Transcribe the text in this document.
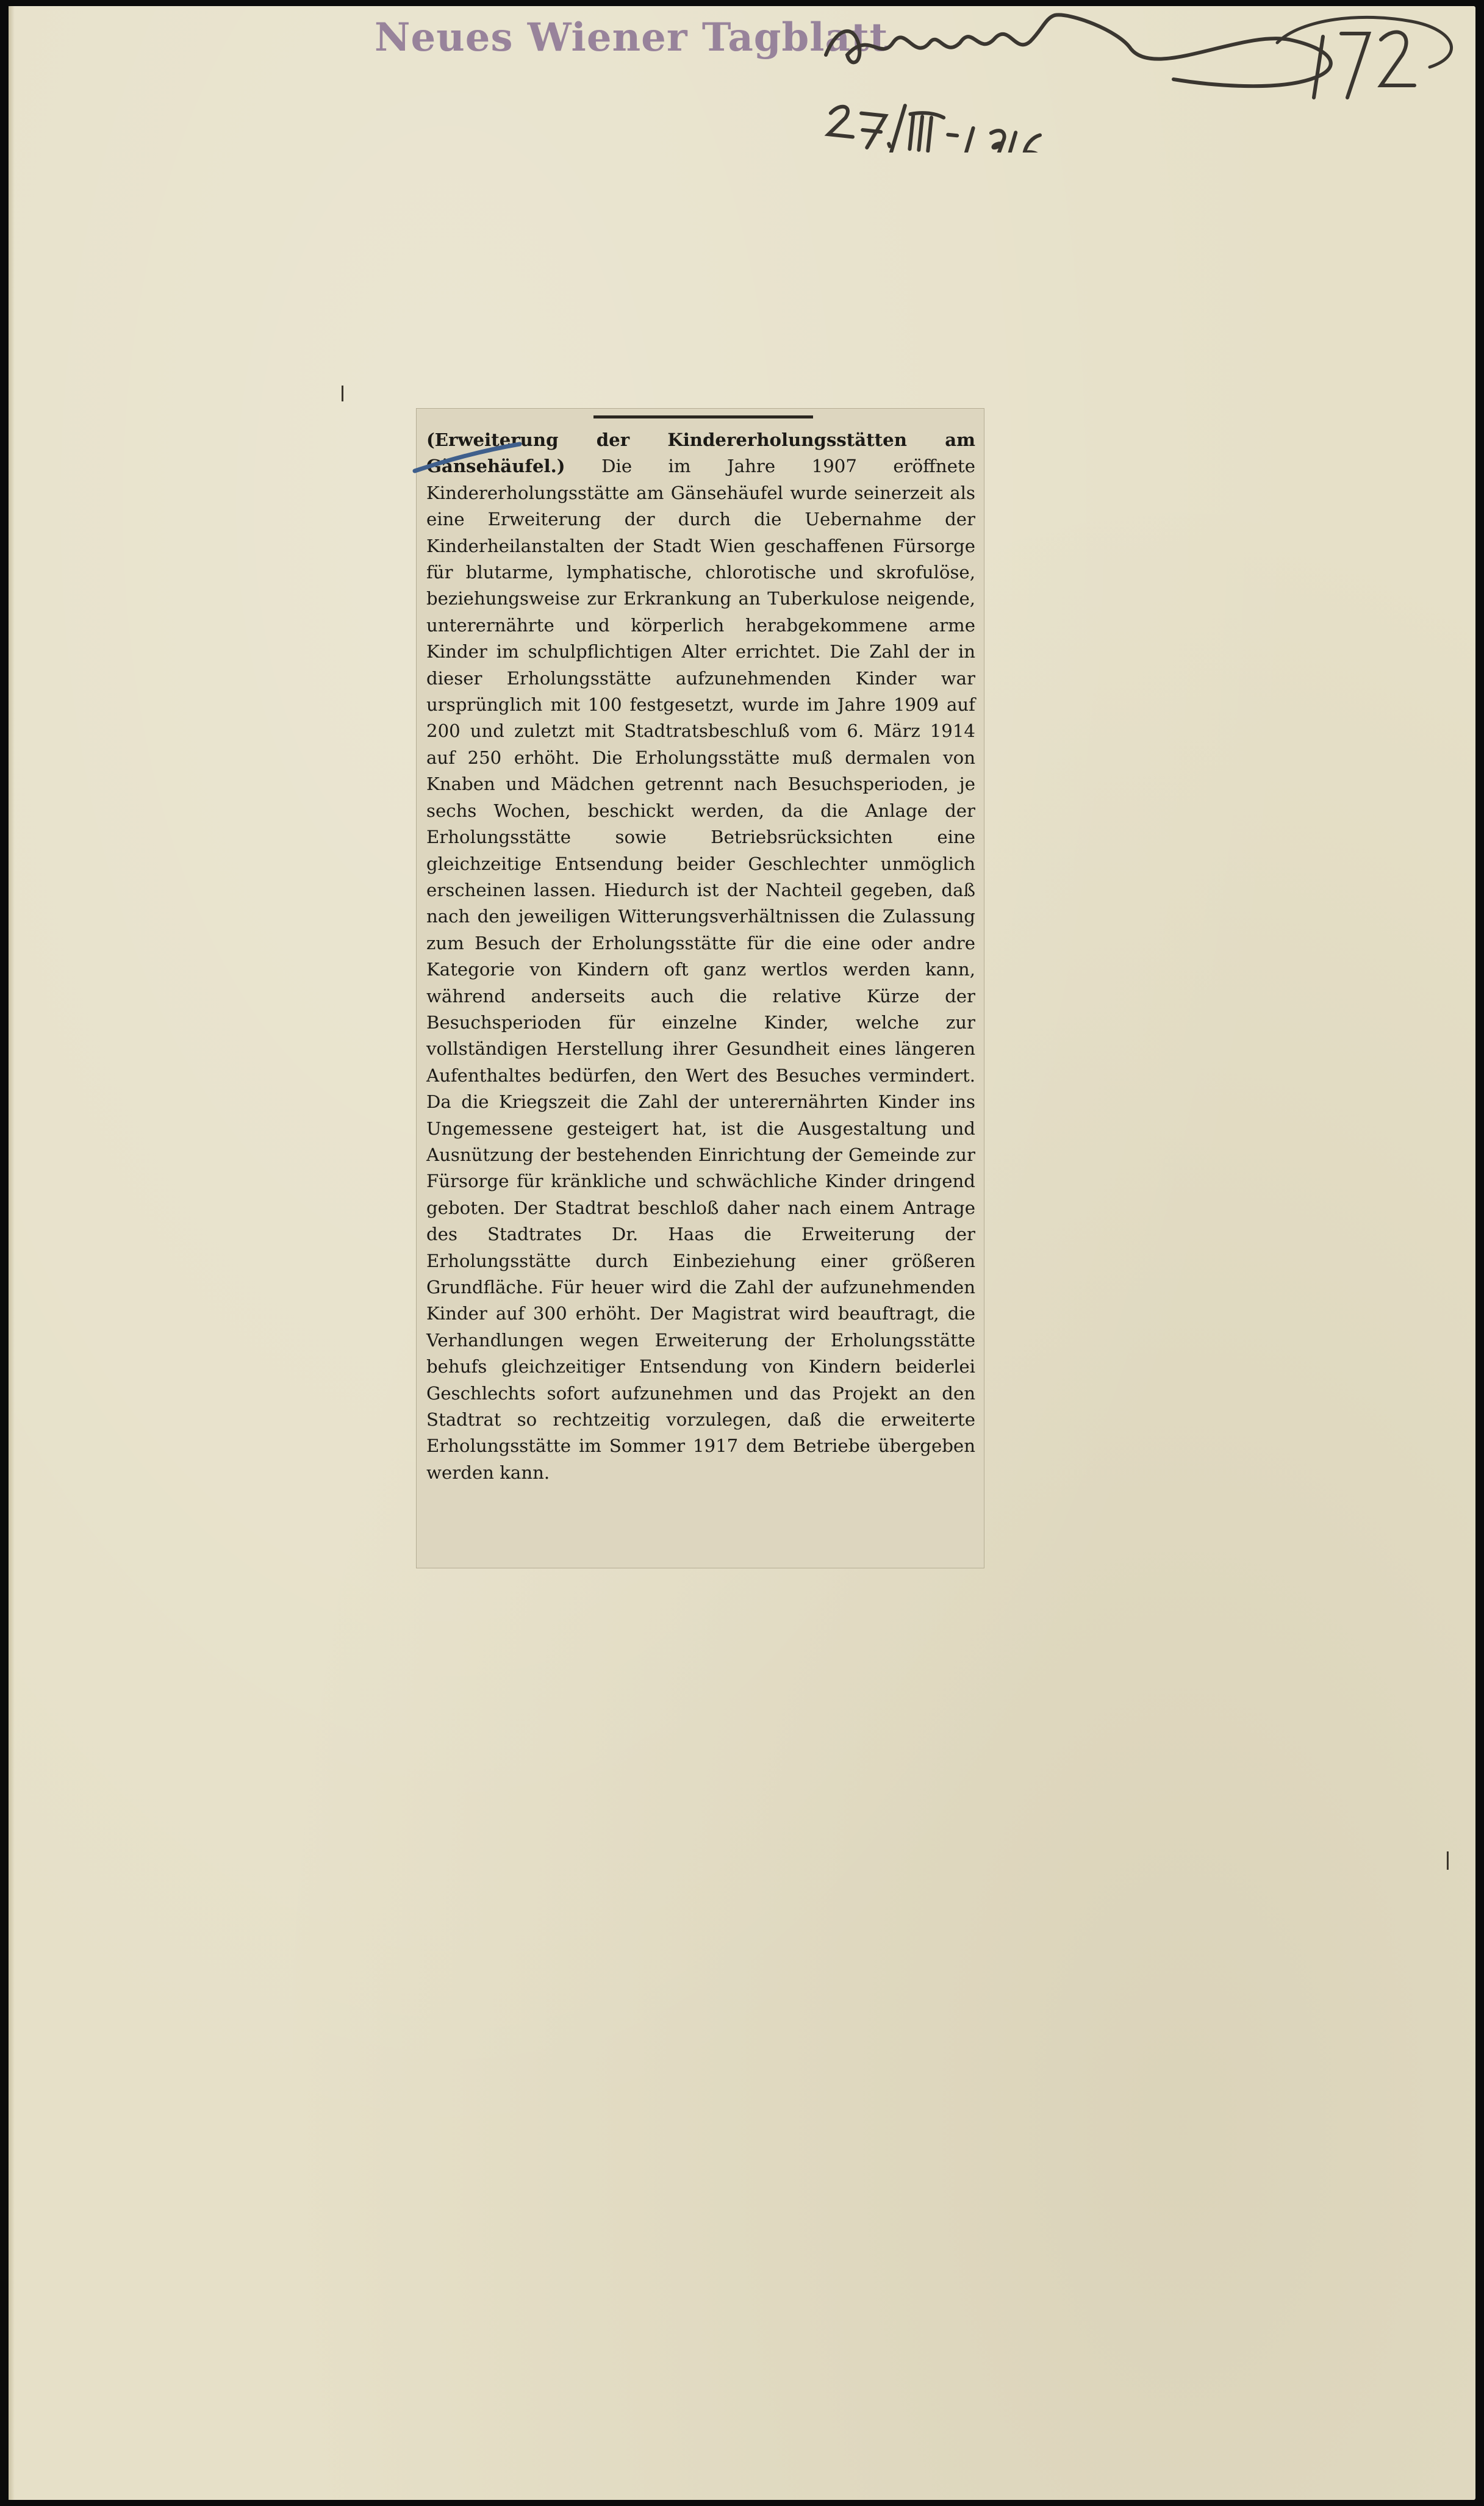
Neues Wiener Tagblatt

(Erweiterung der Kindererholungsstätten am Gänsehäufel.) Die im Jahre 1907 eröffnete Kindererholungsstätte am Gänsehäufel wurde seinerzeit als eine Erweiterung der durch die Uebernahme der Kinderheilanstalten der Stadt Wien geschaffenen Fürsorge für blutarme, lymphatische, chlorotische und skrofulöse, beziehungsweise zur Erkrankung an Tuberkulose neigende, unterernährte und körperlich herabgekommene arme Kinder im schulpflichtigen Alter errichtet. Die Zahl der in dieser Erholungsstätte aufzunehmenden Kinder war ursprünglich mit 100 festgesetzt, wurde im Jahre 1909 auf 200 und zuletzt mit Stadtratsbeschluß vom 6. März 1914 auf 250 erhöht. Die Erholungsstätte muß dermalen von Knaben und Mädchen getrennt nach Besuchsperioden, je sechs Wochen, beschickt werden, da die Anlage der Erholungsstätte sowie Betriebsrücksichten eine gleichzeitige Entsendung beider Geschlechter unmöglich erscheinen lassen. Hiedurch ist der Nachteil gegeben, daß nach den jeweiligen Witterungsverhältnissen die Zulassung zum Besuch der Erholungsstätte für die eine oder andre Kategorie von Kindern oft ganz wertlos werden kann, während anderseits auch die relative Kürze der Besuchsperioden für einzelne Kinder, welche zur vollständigen Herstellung ihrer Gesundheit eines längeren Aufenthaltes bedürfen, den Wert des Besuches vermindert. Da die Kriegszeit die Zahl der unterernährten Kinder ins Ungemessene gesteigert hat, ist die Ausgestaltung und Ausnützung der bestehenden Einrichtung der Gemeinde zur Fürsorge für kränkliche und schwächliche Kinder dringend geboten. Der Stadtrat beschloß daher nach einem Antrage des Stadtrates Dr. Haas die Erweiterung der Erholungsstätte durch Einbeziehung einer größeren Grundfläche. Für heuer wird die Zahl der aufzunehmenden Kinder auf 300 erhöht. Der Magistrat wird beauftragt, die Verhandlungen wegen Erweiterung der Erholungsstätte behufs gleichzeitiger Entsendung von Kindern beiderlei Geschlechts sofort aufzunehmen und das Projekt an den Stadtrat so rechtzeitig vorzulegen, daß die erweiterte Erholungsstätte im Sommer 1917 dem Betriebe übergeben werden kann.
